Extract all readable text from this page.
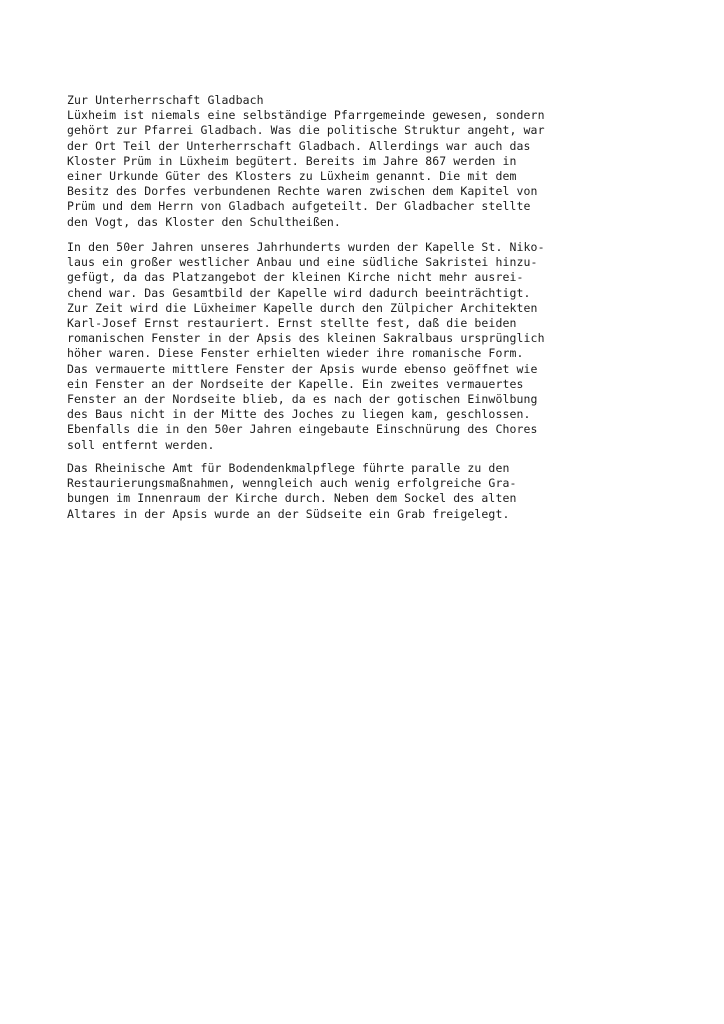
Zur Unterherrschaft Gladbach
Lüxheim ist niemals eine selbständige Pfarrgemeinde gewesen, sondern
gehört zur Pfarrei Gladbach. Was die politische Struktur angeht, war
der Ort Teil der Unterherrschaft Gladbach. Allerdings war auch das
Kloster Prüm in Lüxheim begütert. Bereits im Jahre 867 werden in
einer Urkunde Güter des Klosters zu Lüxheim genannt. Die mit dem
Besitz des Dorfes verbundenen Rechte waren zwischen dem Kapitel von
Prüm und dem Herrn von Gladbach aufgeteilt. Der Gladbacher stellte
den Vogt, das Kloster den Schultheißen.
In den 50er Jahren unseres Jahrhunderts wurden der Kapelle St. Niko-
laus ein großer westlicher Anbau und eine südliche Sakristei hinzu-
gefügt, da das Platzangebot der kleinen Kirche nicht mehr ausrei-
chend war. Das Gesamtbild der Kapelle wird dadurch beeinträchtigt.
Zur Zeit wird die Lüxheimer Kapelle durch den Zülpicher Architekten
Karl-Josef Ernst restauriert. Ernst stellte fest, daß die beiden
romanischen Fenster in der Apsis des kleinen Sakralbaus ursprünglich
höher waren. Diese Fenster erhielten wieder ihre romanische Form.
Das vermauerte mittlere Fenster der Apsis wurde ebenso geöffnet wie
ein Fenster an der Nordseite der Kapelle. Ein zweites vermauertes
Fenster an der Nordseite blieb, da es nach der gotischen Einwölbung
des Baus nicht in der Mitte des Joches zu liegen kam, geschlossen.
Ebenfalls die in den 50er Jahren eingebaute Einschnürung des Chores
soll entfernt werden.
Das Rheinische Amt für Bodendenkmalpflege führte paralle zu den
Restaurierungsmaßnahmen, wenngleich auch wenig erfolgreiche Gra-
bungen im Innenraum der Kirche durch. Neben dem Sockel des alten
Altares in der Apsis wurde an der Südseite ein Grab freigelegt.
